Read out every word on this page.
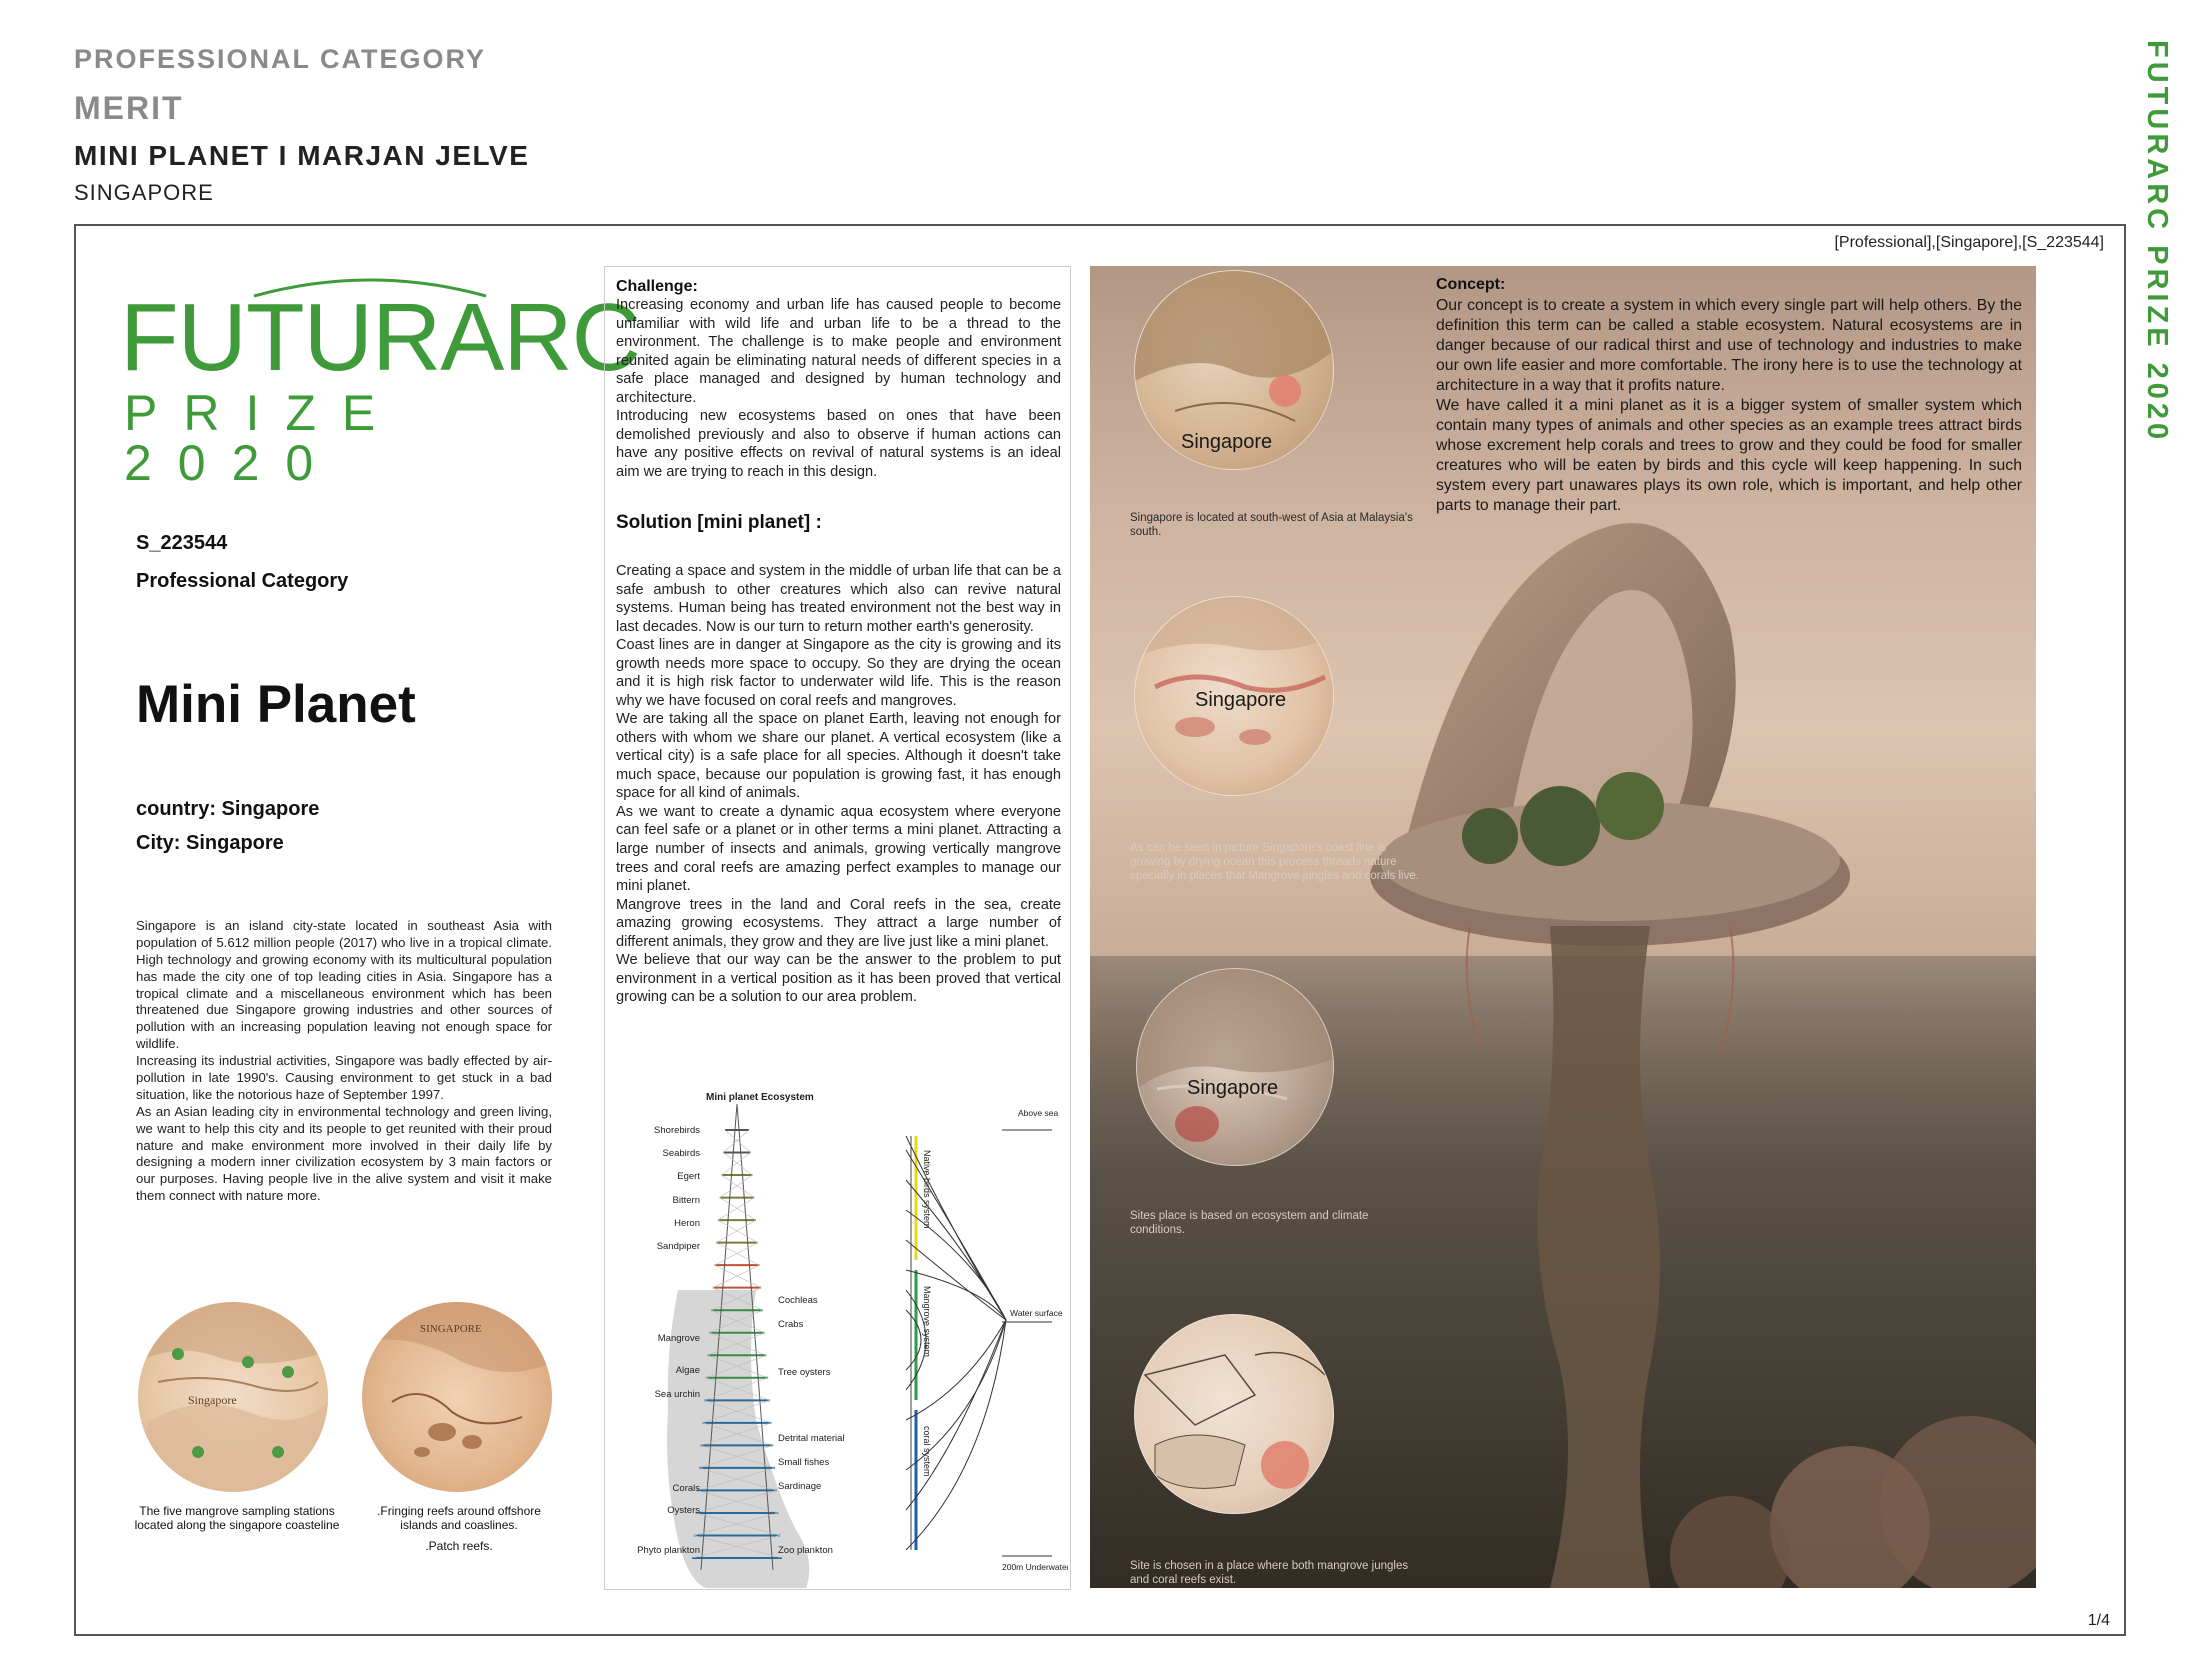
PROFESSIONAL CATEGORY
MERIT
MINI PLANET I MARJAN JELVE
SINGAPORE	FUTURARC PRIZE 2020
[Professional],[Singapore],[S_223544]
1/4
FUTURARC
PRIZE 2020
S_223544
Professional Category
Mini Planet
country: Singapore
City: Singapore

Singapore is an island city-state located in southeast Asia with population of 5.612 million people (2017) who live in a tropical climate. High technology and growing economy with its multicultural population has made the city one of top leading cities in Asia. Singapore has a tropical climate and a miscellaneous environment which has been threatened due Singapore growing industries and other sources of pollution with an increasing population leaving not enough space for wildlife.

Increasing its industrial activities, Singapore was badly effected by air-pollution in late 1990's. Causing environment to get stuck in a bad situation, like the notorious haze of September 1997.

As an Asian leading city in environmental technology and green living, we want to help this city and its people to get reunited with their proud nature and make environment more involved in their daily life by designing a modern inner civilization ecosystem by 3 main factors or our purposes. Having people live in the alive system and visit it make them connect with nature more.

Singapore
SINGAPORE
The five mangrove sampling stations located along the singapore coasteline
.Fringing reefs around offshore islands and coaslines.
.Patch reefs.
Challenge:

Increasing economy and urban life has caused people to become unfamiliar with wild life and urban life to be a thread to the environment. The challenge is to make people and environment reunited again be eliminating natural needs of different species in a safe place managed and designed by human technology and architecture.

Introducing new ecosystems based on ones that have been demolished previously and also to observe if human actions can have any positive effects on revival of natural systems is an ideal aim we are trying to reach in this design.

Solution [mini planet] :

Creating a space and system in the middle of urban life that can be a safe ambush to other creatures which also can revive natural systems. Human being has treated environment not the best way in last decades. Now is our turn to return mother earth's generosity.

Coast lines are in danger at Singapore as the city is growing and its growth needs more space to occupy. So they are drying the ocean and it is high risk factor to underwater wild life. This is the reason why we have focused on coral reefs and mangroves.

We are taking all the space on planet Earth, leaving not enough for others with whom we share our planet. A vertical ecosystem (like a vertical city) is a safe place for all species. Although it doesn't take much space, because our population is growing fast, it has enough space for all kind of animals.

As we want to create a dynamic aqua ecosystem where everyone can feel safe or a planet or in other terms a mini planet. Attracting a large number of insects and animals, growing vertically mangrove trees and coral reefs are amazing perfect examples to manage our mini planet.

Mangrove trees in the land and Coral reefs in the sea, create amazing growing ecosystems. They attract a large number of different animals, they grow and they are live just like a mini planet.

We believe that our way can be the answer to the problem to put environment in a vertical position as it has been proved that vertical growing can be a solution to our area problem.

Mini planet Ecosystem
Shorebirds
Seabirds
Egert
Bittern
Heron
Sandpiper
Mangrove
Algae
Sea urchin
Corals
Oysters
Phyto plankton
Cochleas
Crabs
Tree oysters
Detrital material
Small fishes
Sardinage
Zoo plankton
Native birds system
Mangrove system
coral system
Above sea
Water surface
200m Underwater
Concept:

Our concept is to create a system in which every single part will help others. By the definition this term can be called a stable ecosystem. Natural ecosystems are in danger because of our radical thirst and use of technology and industries to make our own life easier and more comfortable. The irony here is to use the technology at architecture in a way that it profits nature.

We have called it a mini planet as it is a bigger system of smaller system which contain many types of animals and other species as an example trees attract birds whose excrement help corals and trees to grow and they could be food for smaller creatures who will be eaten by birds and this cycle will keep happening. In such system every part unawares plays its own role, which is important, and help other parts to manage their part.

Singapore
Singapore is located at south-west of Asia at Malaysia's south.
Singapore
As can be seen in picture Singapore's coast line is growing by drying ocean this process threads nature specially in places that Mangrove jungles and corals live.
Singapore
Sites place is based on ecosystem and climate conditions.
Site is chosen in a place where both mangrove jungles and coral reefs exist.
